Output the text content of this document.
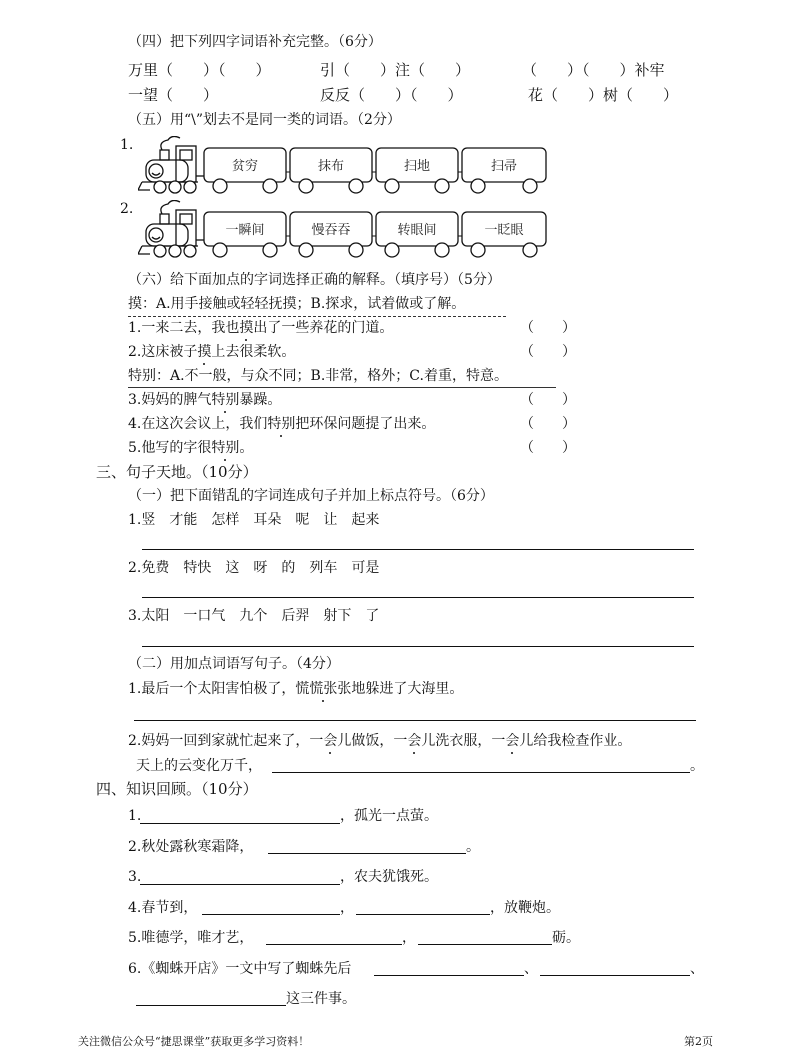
（四）把下列四字词语补充完整。（6分）
万里（　　）（　　）	引（　　）注（　　）	（　　）（　　）补牢
一望（　　）	反反（　　）（　　）	花（　　）树（　　）
（五）用“\”划去不是同一类的词语。（2分）
1.
贫穷	抹布	扫地	扫帚
2.
一瞬间	慢吞吞	转眼间	一眨眼
（六）给下面加点的字词选择正确的解释。（填序号）（5分）
摸：A.用手接触或轻轻抚摸；B.探求，试着做或了解。
1.一来二去，我也摸出了一些养花的门道。	（　　）
2.这床被子摸上去很柔软。	（　　）
特别：A.不一般，与众不同；B.非常，格外；C.着重，特意。
3.妈妈的脾气特别暴躁。	（　　）
4.在这次会议上，我们特别把环保问题提了出来。	（　　）
5.他写的字很特别。	（　　）
三、句子天地。（10分）
（一）把下面错乱的字词连成句子并加上标点符号。（6分）
1.竖　才能　怎样　耳朵　呢　让　起来
2.免费　特快　这　呀　的　列车　可是
3.太阳　一口气　九个　后羿　射下　了
（二）用加点词语写句子。（4分）
1.最后一个太阳害怕极了，慌慌张张地躲进了大海里。
2.妈妈一回到家就忙起来了，一会儿做饭，一会儿洗衣服，一会儿给我检查作业。
天上的云变化万千，	。
四、知识回顾。（10分）
1.	，孤光一点萤。
2.秋处露秋寒霜降，	。
3.	，农夫犹饿死。
4.春节到，	，	，放鞭炮。
5.唯德学，唯才艺，	，	砺。
6.《蜘蛛开店》一文中写了蜘蛛先后	、	、
这三件事。
关注微信公众号“捷思课堂”获取更多学习资料！	第2页
